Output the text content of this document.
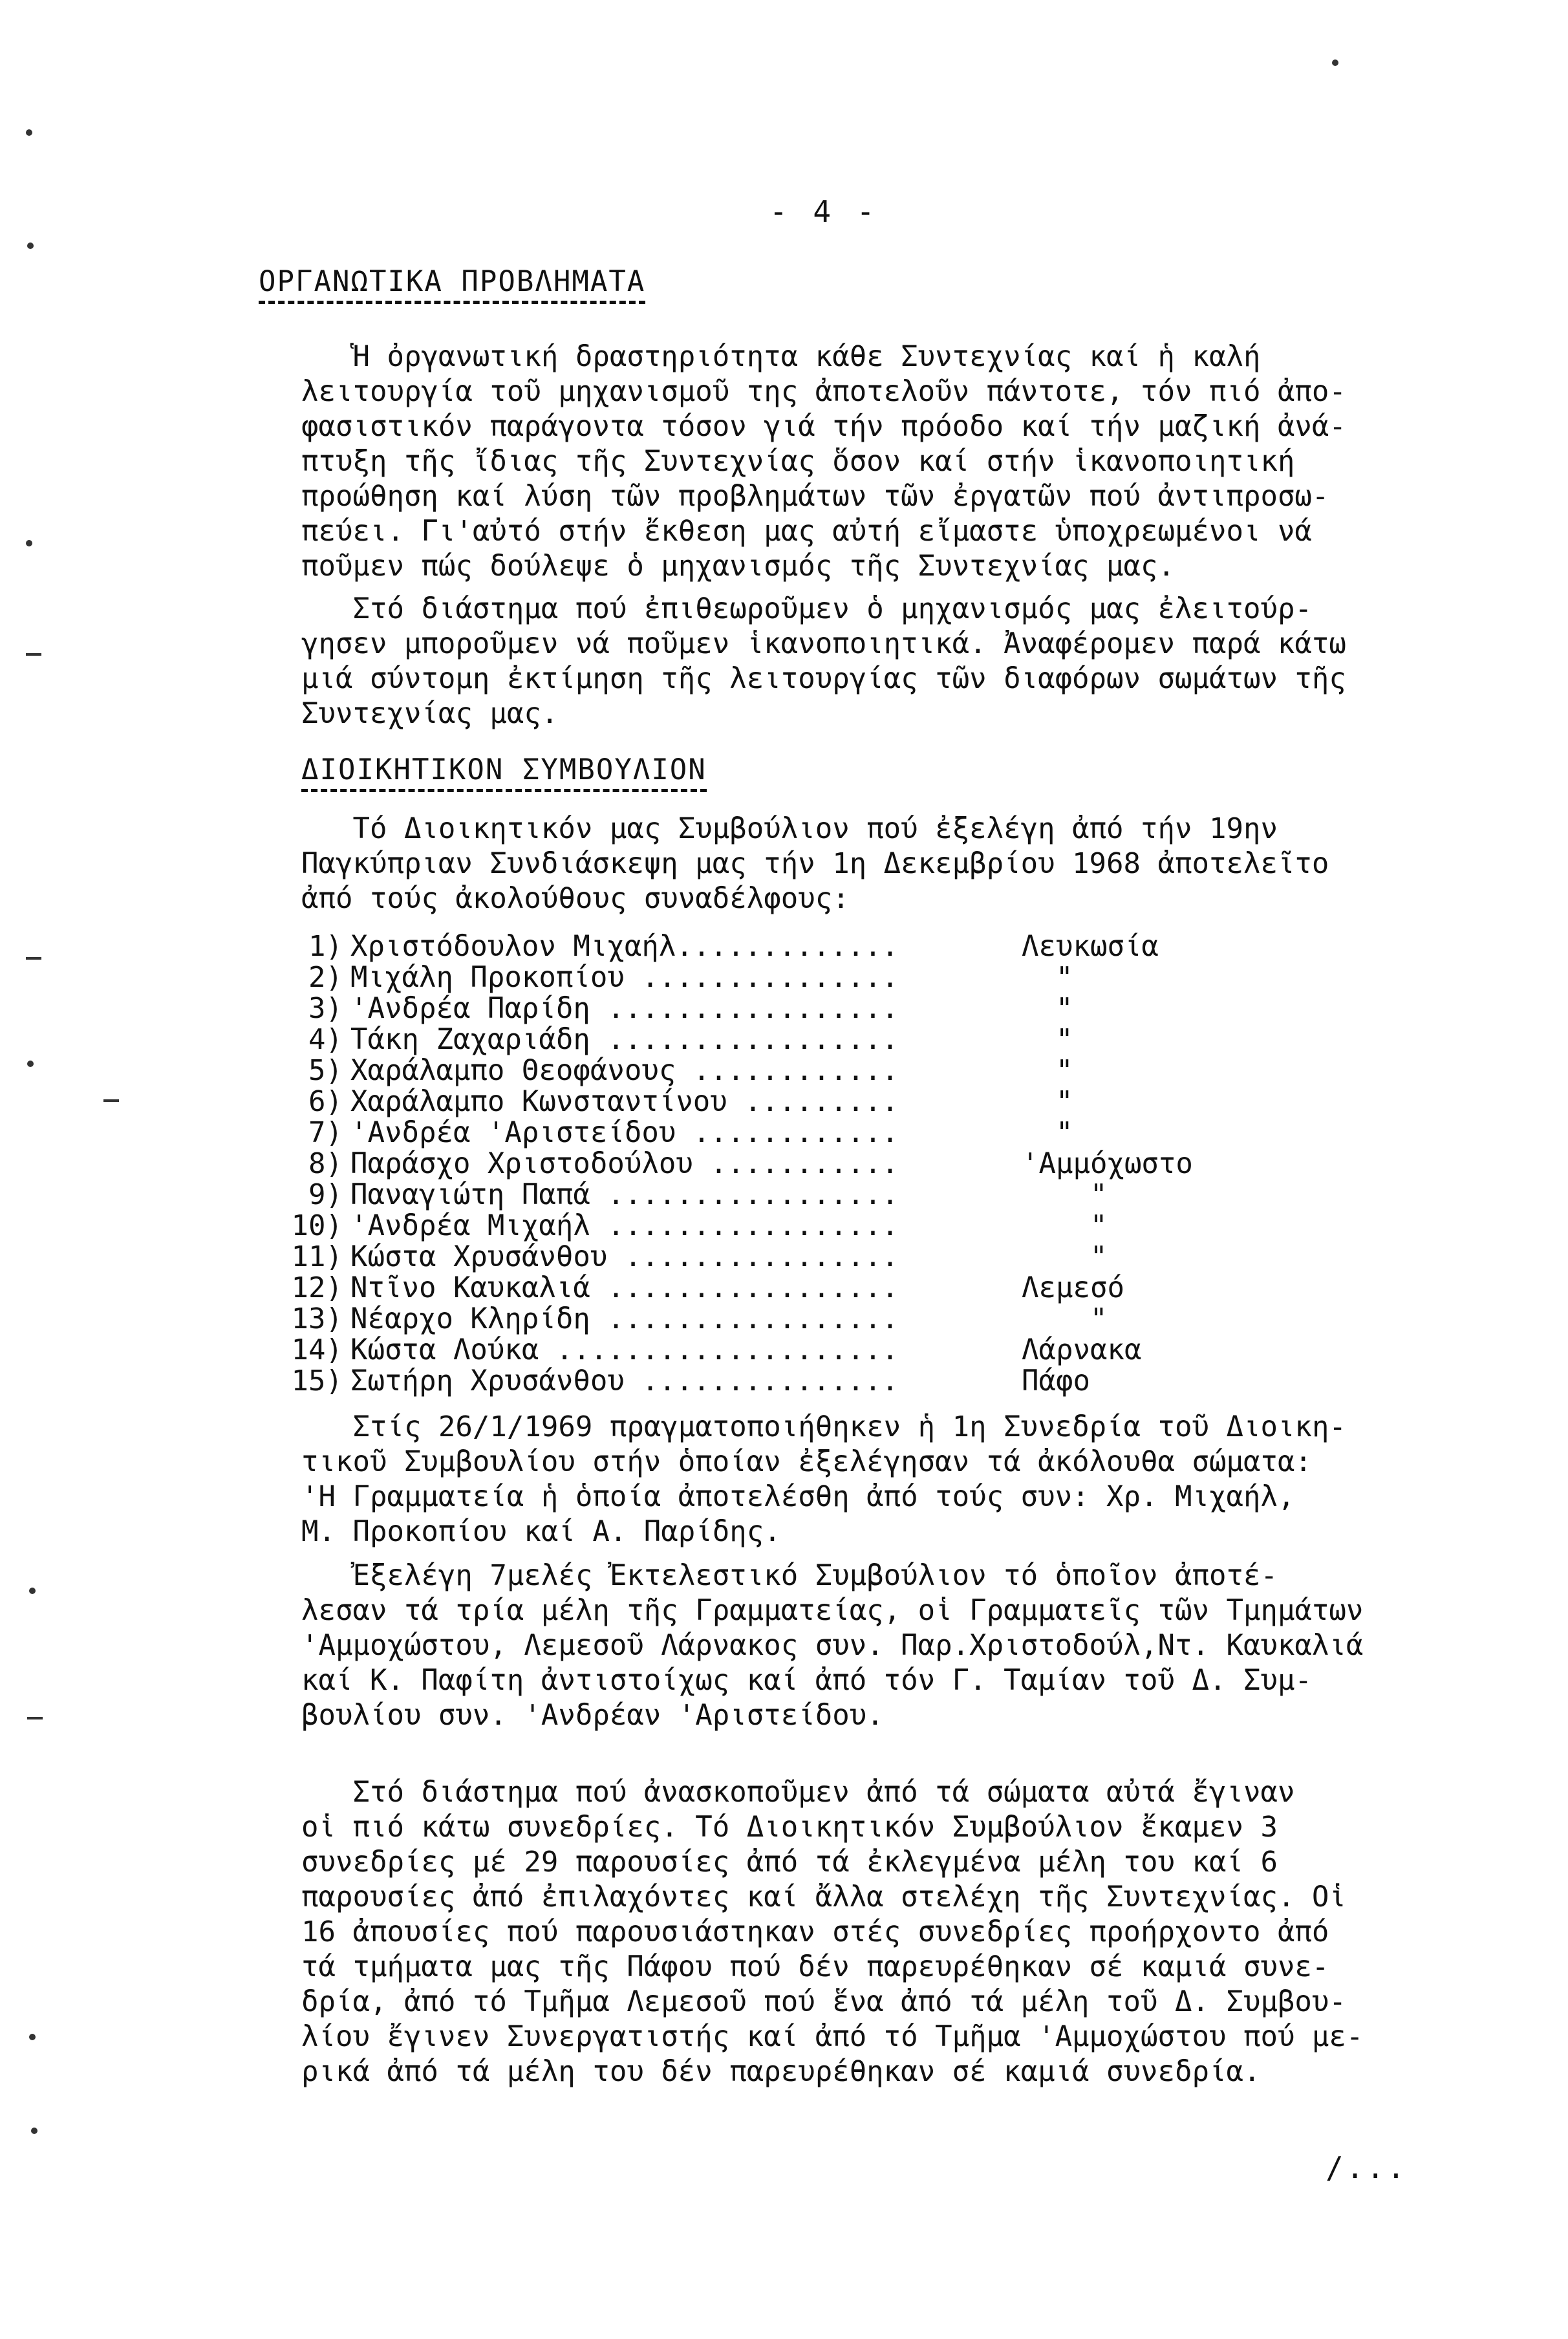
- 4 -
ΟΡΓΑΝΩΤΙΚΑ ΠΡΟΒΛΗΜΑΤΑ

Ἡ ὀργανωτική δραστηριότητα κάθε Συντεχνίας καί ἡ καλή
λειτουργία τοῦ μηχανισμοῦ της ἀποτελοῦν πάντοτε, τόν πιό ἀπο-
φασιστικόν παράγοντα τόσον γιά τήν πρόοδο καί τήν μαζική ἀνά-
πτυξη τῆς ἴδιας τῆς Συντεχνίας ὅσον καί στήν ἱκανοποιητική
προώθηση καί λύση τῶν προβλημάτων τῶν ἐργατῶν πού ἀντιπροσω-
πεύει. Γι'αὐτό στήν ἔκθεση μας αὐτή εἴμαστε ὑποχρεωμένοι νά
ποῦμεν πώς δούλεψε ὁ μηχανισμός τῆς Συντεχνίας μας.

Στό διάστημα πού ἐπιθεωροῦμεν ὁ μηχανισμός μας ἐλειτούρ-
γησεν μποροῦμεν νά ποῦμεν ἱκανοποιητικά. Ἀναφέρομεν παρά κάτω
μιά σύντομη ἐκτίμηση τῆς λειτουργίας τῶν διαφόρων σωμάτων τῆς
Συντεχνίας μας.

ΔΙΟΙΚΗΤΙΚΟΝ ΣΥΜΒΟΥΛΙΟΝ

Τό Διοικητικόν μας Συμβούλιον πού ἐξελέγη ἀπό τήν 19ην
Παγκύπριαν Συνδιάσκεψη μας τήν 1η Δεκεμβρίου 1968 ἀποτελεῖτο
ἀπό τούς ἀκολούθους συναδέλφους:

1) Χριστόδουλον Μιχαήλ.............	Λευκωσία
2) Μιχάλη Προκοπίου ...............	"
3) 'Ανδρέα Παρίδη .................	"
4) Τάκη Ζαχαριάδη .................	"
5) Χαράλαμπο Θεοφάνους ............	"
6) Χαράλαμπο Κωνσταντίνου .........	"
7) 'Ανδρέα 'Αριστείδου ............	"
8) Παράσχο Χριστοδούλου ...........	'Αμμόχωστο
9) Παναγιώτη Παπά .................	"
10) 'Ανδρέα Μιχαήλ .................	"
11) Κώστα Χρυσάνθου ................	"
12) Ντῖνο Καυκαλιά .................	Λεμεσό
13) Νέαρχο Κληρίδη .................	"
14) Κώστα Λούκα ....................	Λάρνακα
15) Σωτήρη Χρυσάνθου ...............	Πάφο

Στίς 26/1/1969 πραγματοποιήθηκεν ἡ 1η Συνεδρία τοῦ Διοικη-
τικοῦ Συμβουλίου στήν ὁποίαν ἐξελέγησαν τά ἀκόλουθα σώματα:
'Η Γραμματεία ἡ ὁποία ἀποτελέσθη ἀπό τούς συν: Χρ. Μιχαήλ,
Μ. Προκοπίου καί Α. Παρίδης.

Ἐξελέγη 7μελές Ἐκτελεστικό Συμβούλιον τό ὁποῖον ἀποτέ-
λεσαν τά τρία μέλη τῆς Γραμματείας, οἱ Γραμματεῖς τῶν Τμημάτων
'Αμμοχώστου, Λεμεσοῦ Λάρνακος συν. Παρ.Χριστοδούλ,Ντ. Καυκαλιά
καί Κ. Παφίτη ἀντιστοίχως καί ἀπό τόν Γ. Ταμίαν τοῦ Δ. Συμ-
βουλίου συν. 'Ανδρέαν 'Αριστείδου.

Στό διάστημα πού ἀνασκοποῦμεν ἀπό τά σώματα αὐτά ἔγιναν
οἱ πιό κάτω συνεδρίες. Τό Διοικητικόν Συμβούλιον ἔκαμεν 3
συνεδρίες μέ 29 παρουσίες ἀπό τά ἐκλεγμένα μέλη του καί 6
παρουσίες ἀπό ἐπιλαχόντες καί ἄλλα στελέχη τῆς Συντεχνίας. Οἱ
16 ἀπουσίες πού παρουσιάστηκαν στές συνεδρίες προήρχοντο ἀπό
τά τμήματα μας τῆς Πάφου πού δέν παρευρέθηκαν σέ καμιά συνε-
δρία, ἀπό τό Τμῆμα Λεμεσοῦ πού ἕνα ἀπό τά μέλη τοῦ Δ. Συμβου-
λίου ἔγινεν Συνεργατιστής καί ἀπό τό Τμῆμα 'Αμμοχώστου πού με-
ρικά ἀπό τά μέλη του δέν παρευρέθηκαν σέ καμιά συνεδρία.

/...
